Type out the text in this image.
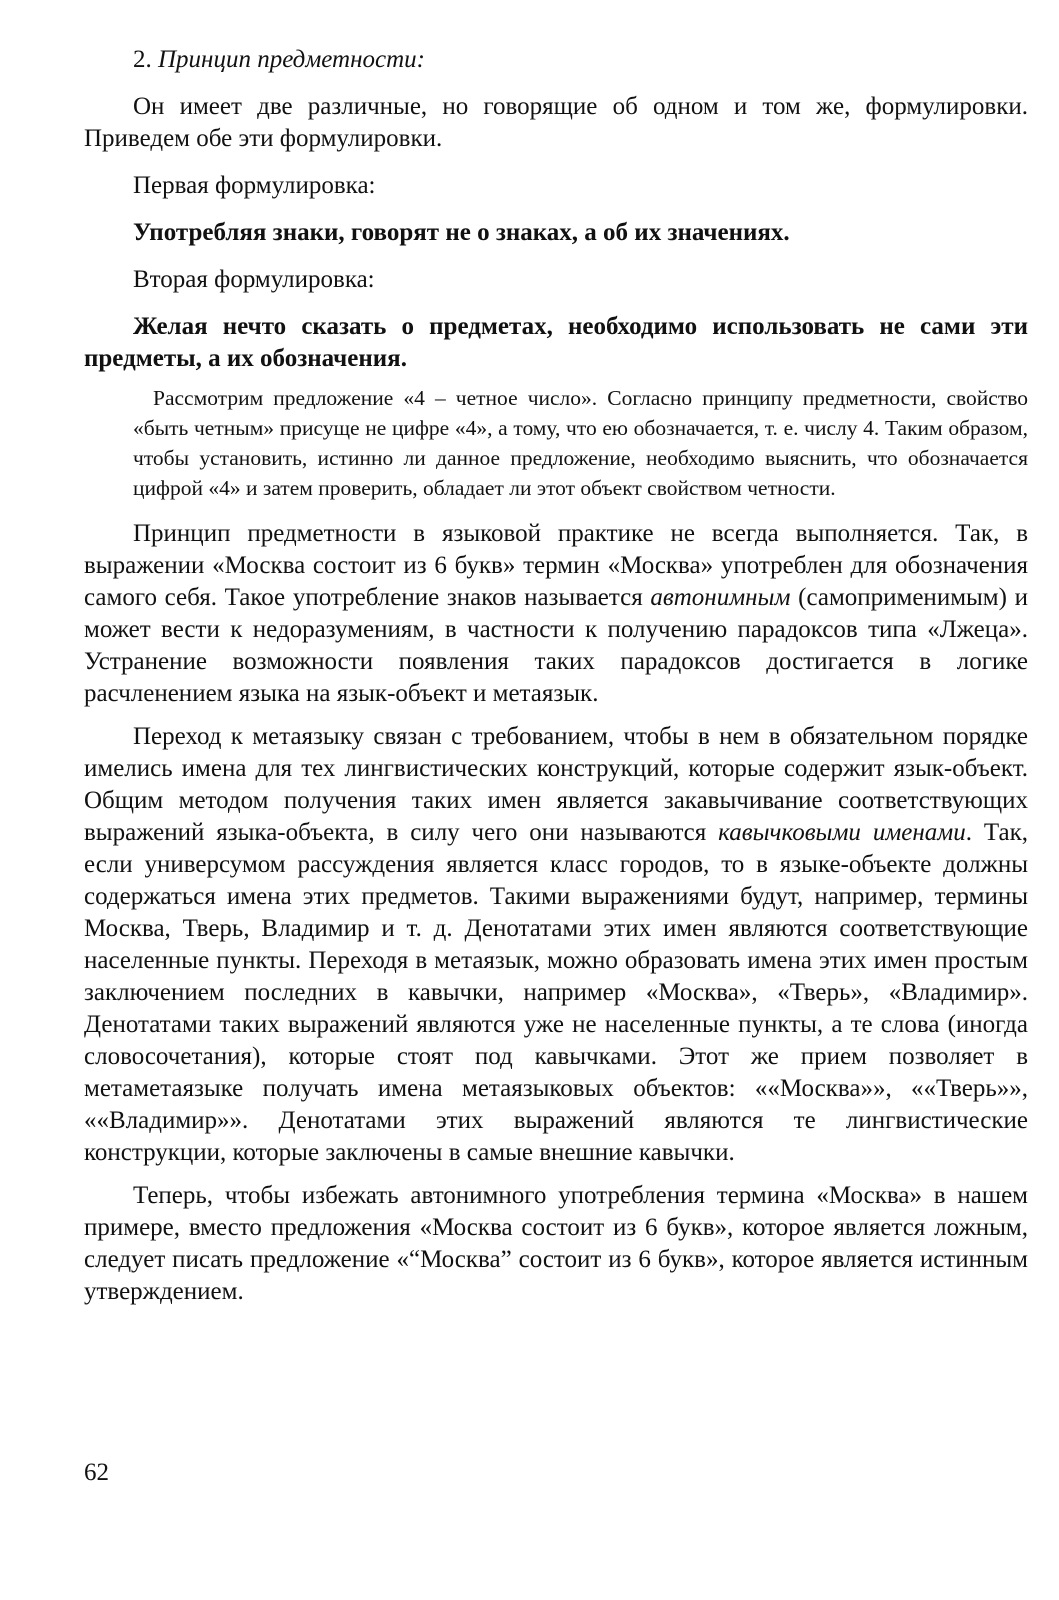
2. Принцип предметности:

Он имеет две различные, но говорящие об одном и том же, формулировки. Приведем обе эти формулировки.

Первая формулировка:

Употребляя знаки, говорят не о знаках, а об их значениях.

Вторая формулировка:

Желая нечто сказать о предметах, необходимо использовать не сами эти предметы, а их обозначения.

Рассмотрим предложение «4 – четное число». Согласно принципу предметности, свойство «быть четным» присуще не цифре «4», а тому, что ею обозначается, т. е. числу 4. Таким образом, чтобы установить, истинно ли данное предложение, необходимо выяснить, что обозначается цифрой «4» и затем проверить, обладает ли этот объект свойством четности.

Принцип предметности в языковой практике не всегда выполняется. Так, в выражении «Москва состоит из 6 букв» термин «Москва» употреблен для обозначения самого себя. Такое употребление знаков называется автонимным (самоприменимым) и может вести к недоразумениям, в частности к получению парадоксов типа «Лжеца». Устранение возможности появления таких парадоксов достигается в логике расчленением языка на язык-объект и метаязык.

Переход к метаязыку связан с требованием, чтобы в нем в обязательном порядке имелись имена для тех лингвистических конструкций, которые содержит язык-объект. Общим методом получения таких имен является закавычивание соответствующих выражений языка-объекта, в силу чего они называются кавычковыми именами. Так, если универсумом рассуждения является класс городов, то в языке-объекте должны содержаться имена этих предметов. Такими выражениями будут, например, термины Москва, Тверь, Владимир и т. д. Денотатами этих имен являются соответствующие населенные пункты. Переходя в метаязык, можно образовать имена этих имен простым заключением последних в кавычки, например «Москва», «Тверь», «Владимир». Денотатами таких выражений являются уже не населенные пункты, а те слова (иногда словосочетания), которые стоят под кавычками. Этот же прием позволяет в метаметаязыке получать имена метаязыковых объектов: ««Москва»», ««Тверь»», ««Владимир»». Денотатами этих выражений являются те лингвистические конструкции, которые заключены в самые внешние кавычки.

Теперь, чтобы избежать автонимного употребления термина «Москва» в нашем примере, вместо предложения «Москва состоит из 6 букв», которое является ложным, следует писать предложение «“Москва” состоит из 6 букв», которое является истинным утверждением.

62
